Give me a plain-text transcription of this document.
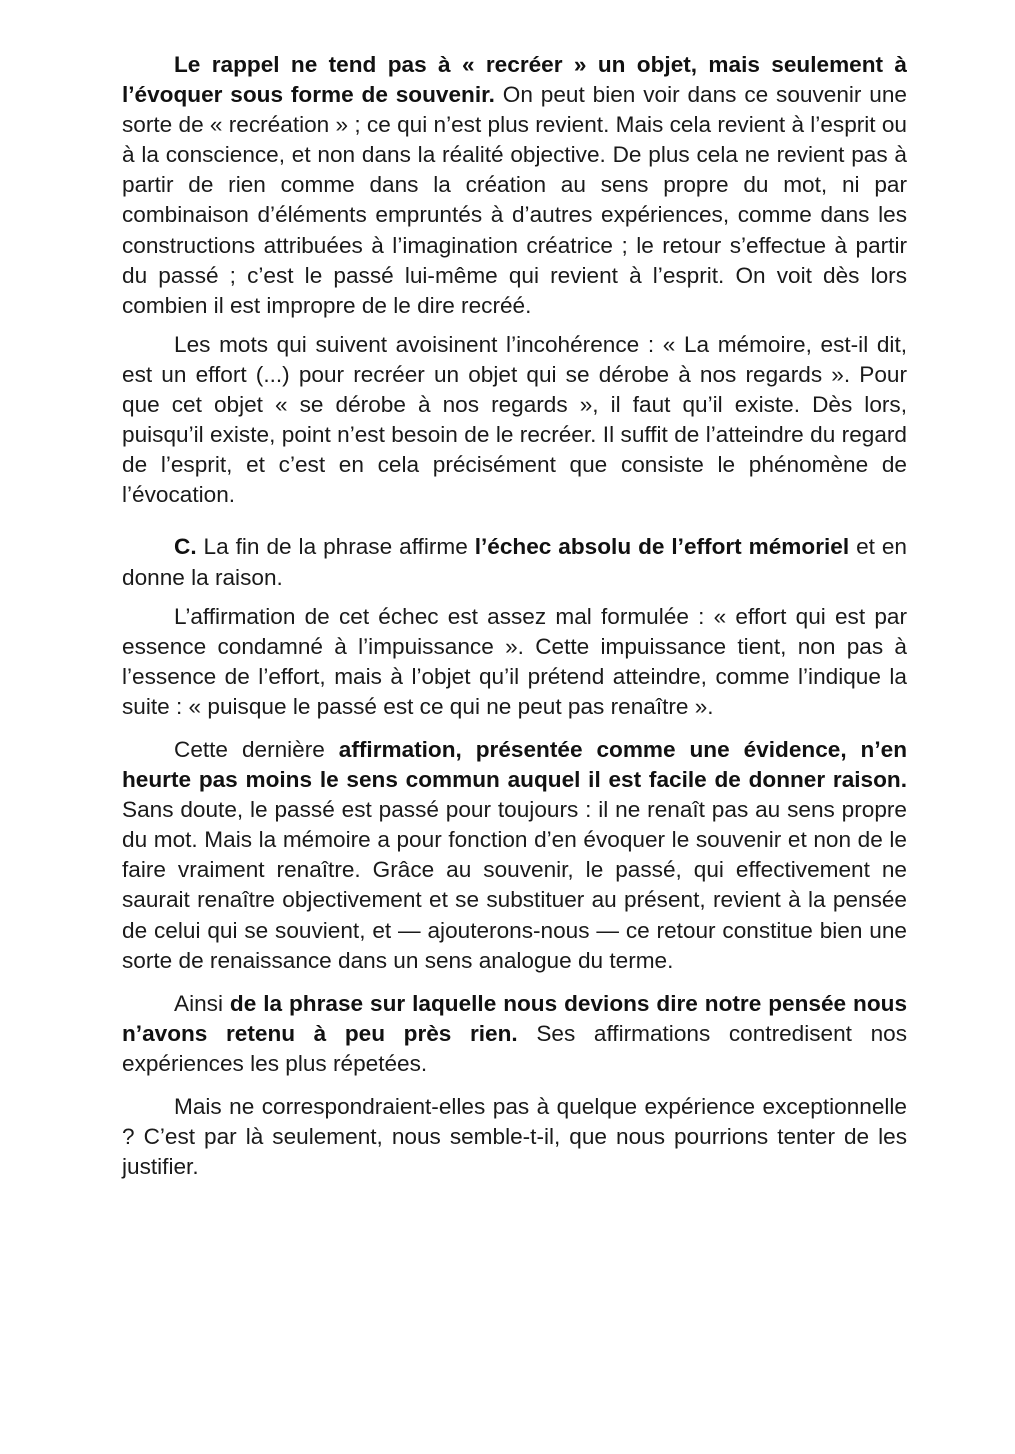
Le rappel ne tend pas à « recréer » un objet, mais seulement à l’évoquer sous forme de souvenir. On peut bien voir dans ce souvenir une sorte de « recréation » ; ce qui n’est plus revient. Mais cela revient à l’esprit ou à la conscience, et non dans la réalité objective. De plus cela ne revient pas à partir de rien comme dans la création au sens propre du mot, ni par combinaison d’éléments empruntés à d’autres expériences, comme dans les constructions attribuées à l’imagination créatrice ; le retour s’effectue à partir du passé ; c’est le passé lui-même qui revient à l’esprit. On voit dès lors combien il est impropre de le dire recréé.

Les mots qui suivent avoisinent l’incohérence : « La mémoire, est-il dit, est un effort (...) pour recréer un objet qui se dérobe à nos regards ». Pour que cet objet « se dérobe à nos regards », il faut qu’il existe. Dès lors, puisqu’il existe, point n’est besoin de le recréer. Il suffit de l’atteindre du regard de l’esprit, et c’est en cela précisément que consiste le phénomène de l’évocation.

C. La fin de la phrase affirme l’échec absolu de l’effort mémoriel et en donne la raison.

L’affirmation de cet échec est assez mal formulée : « effort qui est par essence condamné à l’impuissance ». Cette impuissance tient, non pas à l’essence de l’effort, mais à l’objet qu’il prétend atteindre, comme l’indique la suite : « puisque le passé est ce qui ne peut pas renaître ».

Cette dernière affirmation, présentée comme une évidence, n’en heurte pas moins le sens commun auquel il est facile de donner raison. Sans doute, le passé est passé pour toujours : il ne renaît pas au sens propre du mot. Mais la mémoire a pour fonction d’en évoquer le souvenir et non de le faire vraiment renaître. Grâce au souvenir, le passé, qui effectivement ne saurait renaître objectivement et se substituer au présent, revient à la pensée de celui qui se souvient, et — ajouterons-nous — ce retour constitue bien une sorte de renaissance dans un sens analogue du terme.

Ainsi de la phrase sur laquelle nous devions dire notre pensée nous n’avons retenu à peu près rien. Ses affirmations contredisent nos expériences les plus répetées.

Mais ne correspondraient-elles pas à quelque expérience exceptionnelle ? C’est par là seulement, nous semble-t-il, que nous pourrions tenter de les justifier.
